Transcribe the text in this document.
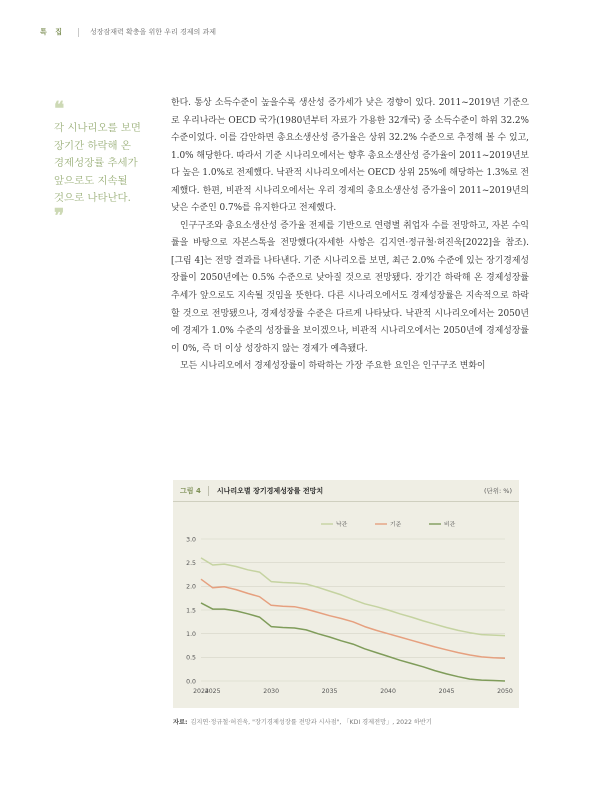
특 집	성장잠재력 확충을 위한 우리 경제의 과제
❝
각 시나리오를 보면
장기간 하락해 온
경제성장률 추세가
앞으로도 지속될
것으로 나타난다.
❞

한다. 통상 소득수준이 높을수록 생산성 증가세가 낮은 경향이 있다. 2011~2019년 기준으로 우리나라는 OECD 국가(1980년부터 자료가 가용한 32개국) 중 소득수준이 하위 32.2% 수준이었다. 이를 감안하면 총요소생산성 증가율은 상위 32.2% 수준으로 추정해 볼 수 있고, 1.0% 해당한다. 따라서 기준 시나리오에서는 향후 총요소생산성 증가율이 2011~2019년보다 높은 1.0%로 전제했다. 낙관적 시나리오에서는 OECD 상위 25%에 해당하는 1.3%로 전제했다. 한편, 비관적 시나리오에서는 우리 경제의 총요소생산성 증가율이 2011~2019년의 낮은 수준인 0.7%를 유지한다고 전제했다.

인구구조와 총요소생산성 증가율 전제를 기반으로 연령별 취업자 수를 전망하고, 자본 수익률을 바탕으로 자본스톡을 전망했다(자세한 사항은 김지연·정규철·허진욱[2022]을 참조). [그림 4]는 전망 결과를 나타낸다. 기준 시나리오를 보면, 최근 2.0% 수준에 있는 장기경제성장률이 2050년에는 0.5% 수준으로 낮아질 것으로 전망됐다. 장기간 하락해 온 경제성장률 추세가 앞으로도 지속될 것임을 뜻한다. 다른 시나리오에서도 경제성장률은 지속적으로 하락할 것으로 전망됐으나, 경제성장률 수준은 다르게 나타났다. 낙관적 시나리오에서는 2050년에 경제가 1.0% 수준의 성장률을 보이겠으나, 비관적 시나리오에서는 2050년에 경제성장률이 0%, 즉 더 이상 성장하지 않는 경제가 예측됐다.

모든 시나리오에서 경제성장률이 하락하는 가장 주요한 요인은 인구구조 변화이

그림 4	시나리오별 장기경제성장률 전망치	(단위: %)
0.0
0.5
1.0
1.5
2.0
2.5
3.0
2024
2025	2030	2035	2040	2045	2050
낙관	기준	비관
자료: 김지연·정규철·허진욱, "장기경제성장률 전망과 시사점", 「KDI 경제전망」, 2022 하반기
